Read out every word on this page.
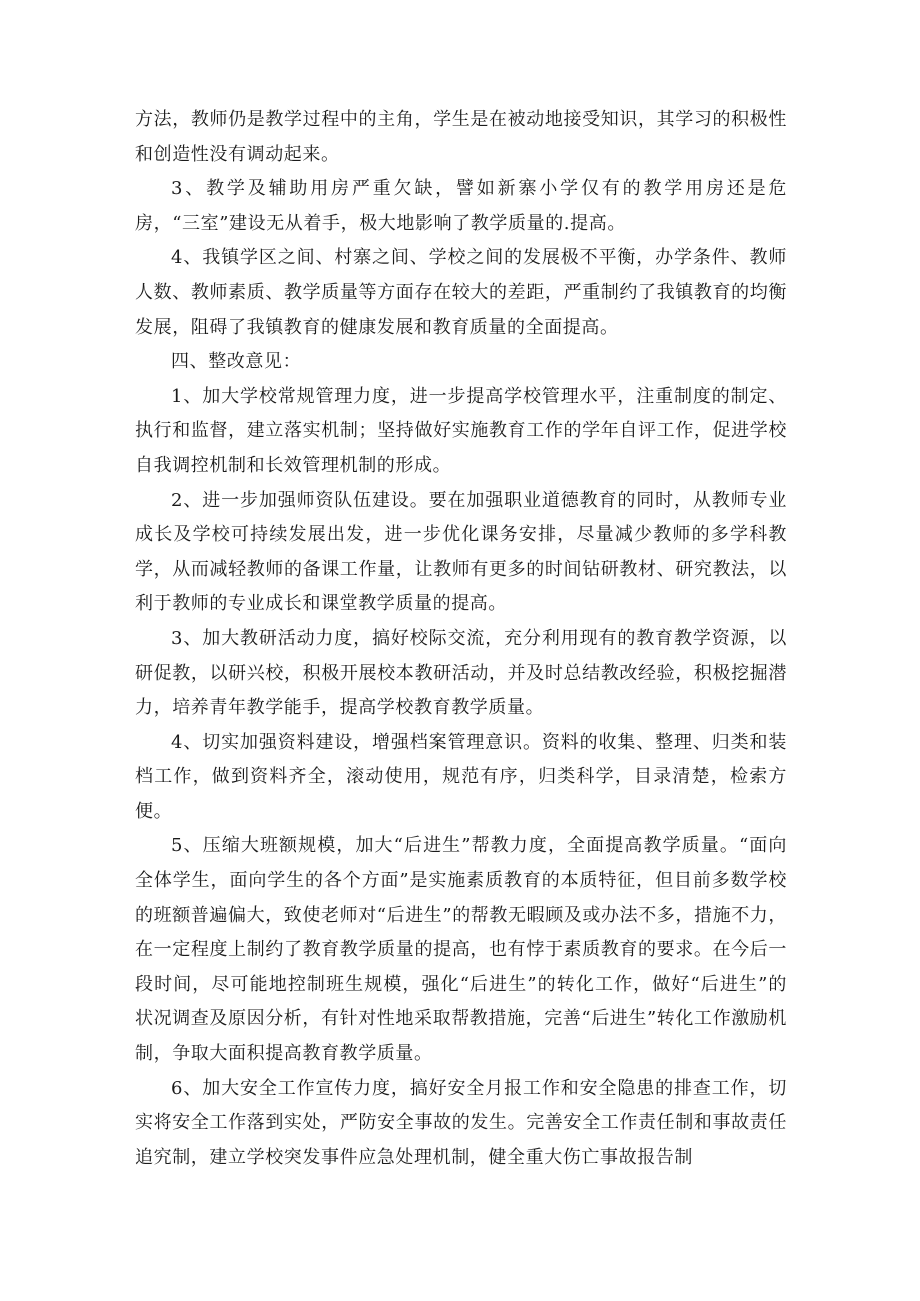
方法，教师仍是教学过程中的主角，学生是在被动地接受知识，其学习的积极性和创造性没有调动起来。

3、教学及辅助用房严重欠缺，譬如新寨小学仅有的教学用房还是危房，“三室”建设无从着手，极大地影响了教学质量的.提高。

4、我镇学区之间、村寨之间、学校之间的发展极不平衡，办学条件、教师人数、教师素质、教学质量等方面存在较大的差距，严重制约了我镇教育的均衡发展，阻碍了我镇教育的健康发展和教育质量的全面提高。

四、整改意见：

1、加大学校常规管理力度，进一步提高学校管理水平，注重制度的制定、执行和监督，建立落实机制；坚持做好实施教育工作的学年自评工作，促进学校自我调控机制和长效管理机制的形成。

2、进一步加强师资队伍建设。要在加强职业道德教育的同时，从教师专业成长及学校可持续发展出发，进一步优化课务安排，尽量减少教师的多学科教学，从而减轻教师的备课工作量，让教师有更多的时间钻研教材、研究教法，以利于教师的专业成长和课堂教学质量的提高。

3、加大教研活动力度，搞好校际交流，充分利用现有的教育教学资源，以研促教，以研兴校，积极开展校本教研活动，并及时总结教改经验，积极挖掘潜力，培养青年教学能手，提高学校教育教学质量。

4、切实加强资料建设，增强档案管理意识。资料的收集、整理、归类和装档工作，做到资料齐全，滚动使用，规范有序，归类科学，目录清楚，检索方便。

5、压缩大班额规模，加大“后进生”帮教力度，全面提高教学质量。“面向全体学生，面向学生的各个方面”是实施素质教育的本质特征，但目前多数学校的班额普遍偏大，致使老师对“后进生”的帮教无暇顾及或办法不多，措施不力，在一定程度上制约了教育教学质量的提高，也有悖于素质教育的要求。在今后一段时间，尽可能地控制班生规模，强化“后进生”的转化工作，做好“后进生”的状况调查及原因分析，有针对性地采取帮教措施，完善“后进生”转化工作激励机制，争取大面积提高教育教学质量。

6、加大安全工作宣传力度，搞好安全月报工作和安全隐患的排查工作，切实将安全工作落到实处，严防安全事故的发生。完善安全工作责任制和事故责任追究制，建立学校突发事件应急处理机制，健全重大伤亡事故报告制
